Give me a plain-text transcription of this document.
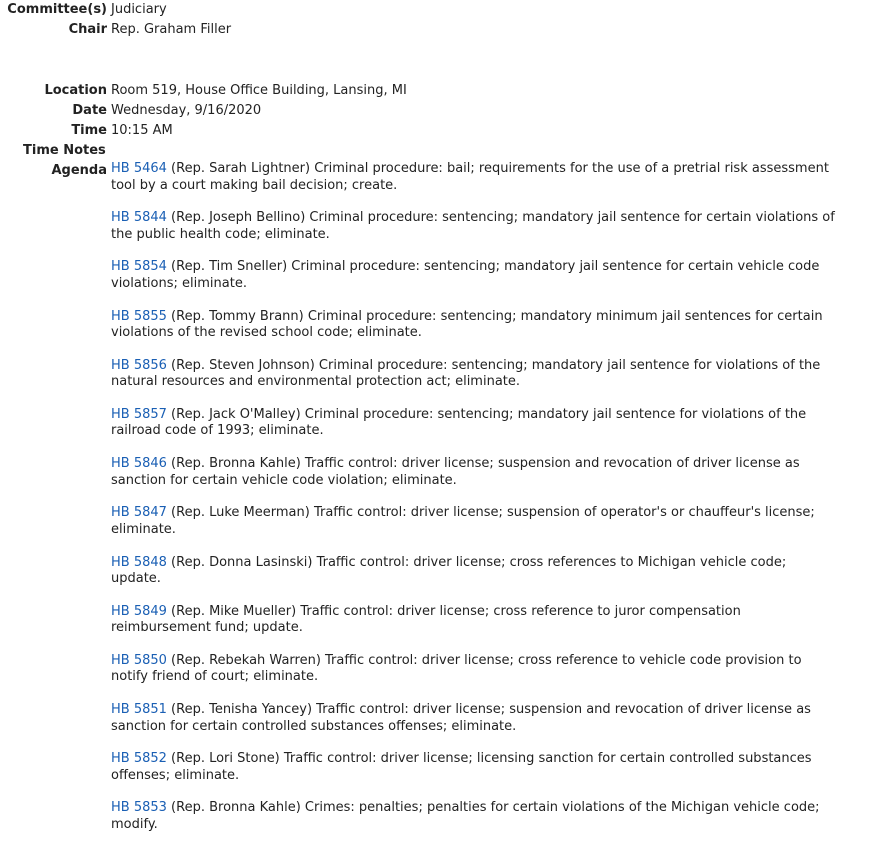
Committee(s) Judiciary
Chair Rep. Graham Filler
Location Room 519, House Office Building, Lansing, MI
Date Wednesday, 9/16/2020
Time 10:15 AM
Time Notes
Agenda HB 5464 (Rep. Sarah Lightner) Criminal procedure: bail; requirements for the use of a pretrial risk assessment tool by a court making bail decision; create.
HB 5844 (Rep. Joseph Bellino) Criminal procedure: sentencing; mandatory jail sentence for certain violations of the public health code; eliminate.
HB 5854 (Rep. Tim Sneller) Criminal procedure: sentencing; mandatory jail sentence for certain vehicle code violations; eliminate.
HB 5855 (Rep. Tommy Brann) Criminal procedure: sentencing; mandatory minimum jail sentences for certain violations of the revised school code; eliminate.
HB 5856 (Rep. Steven Johnson) Criminal procedure: sentencing; mandatory jail sentence for violations of the natural resources and environmental protection act; eliminate.
HB 5857 (Rep. Jack O'Malley) Criminal procedure: sentencing; mandatory jail sentence for violations of the railroad code of 1993; eliminate.
HB 5846 (Rep. Bronna Kahle) Traffic control: driver license; suspension and revocation of driver license as sanction for certain vehicle code violation; eliminate.
HB 5847 (Rep. Luke Meerman) Traffic control: driver license; suspension of operator's or chauffeur's license; eliminate.
HB 5848 (Rep. Donna Lasinski) Traffic control: driver license; cross references to Michigan vehicle code; update.
HB 5849 (Rep. Mike Mueller) Traffic control: driver license; cross reference to juror compensation reimbursement fund; update.
HB 5850 (Rep. Rebekah Warren) Traffic control: driver license; cross reference to vehicle code provision to notify friend of court; eliminate.
HB 5851 (Rep. Tenisha Yancey) Traffic control: driver license; suspension and revocation of driver license as sanction for certain controlled substances offenses; eliminate.
HB 5852 (Rep. Lori Stone) Traffic control: driver license; licensing sanction for certain controlled substances offenses; eliminate.
HB 5853 (Rep. Bronna Kahle) Crimes: penalties; penalties for certain violations of the Michigan vehicle code; modify.
